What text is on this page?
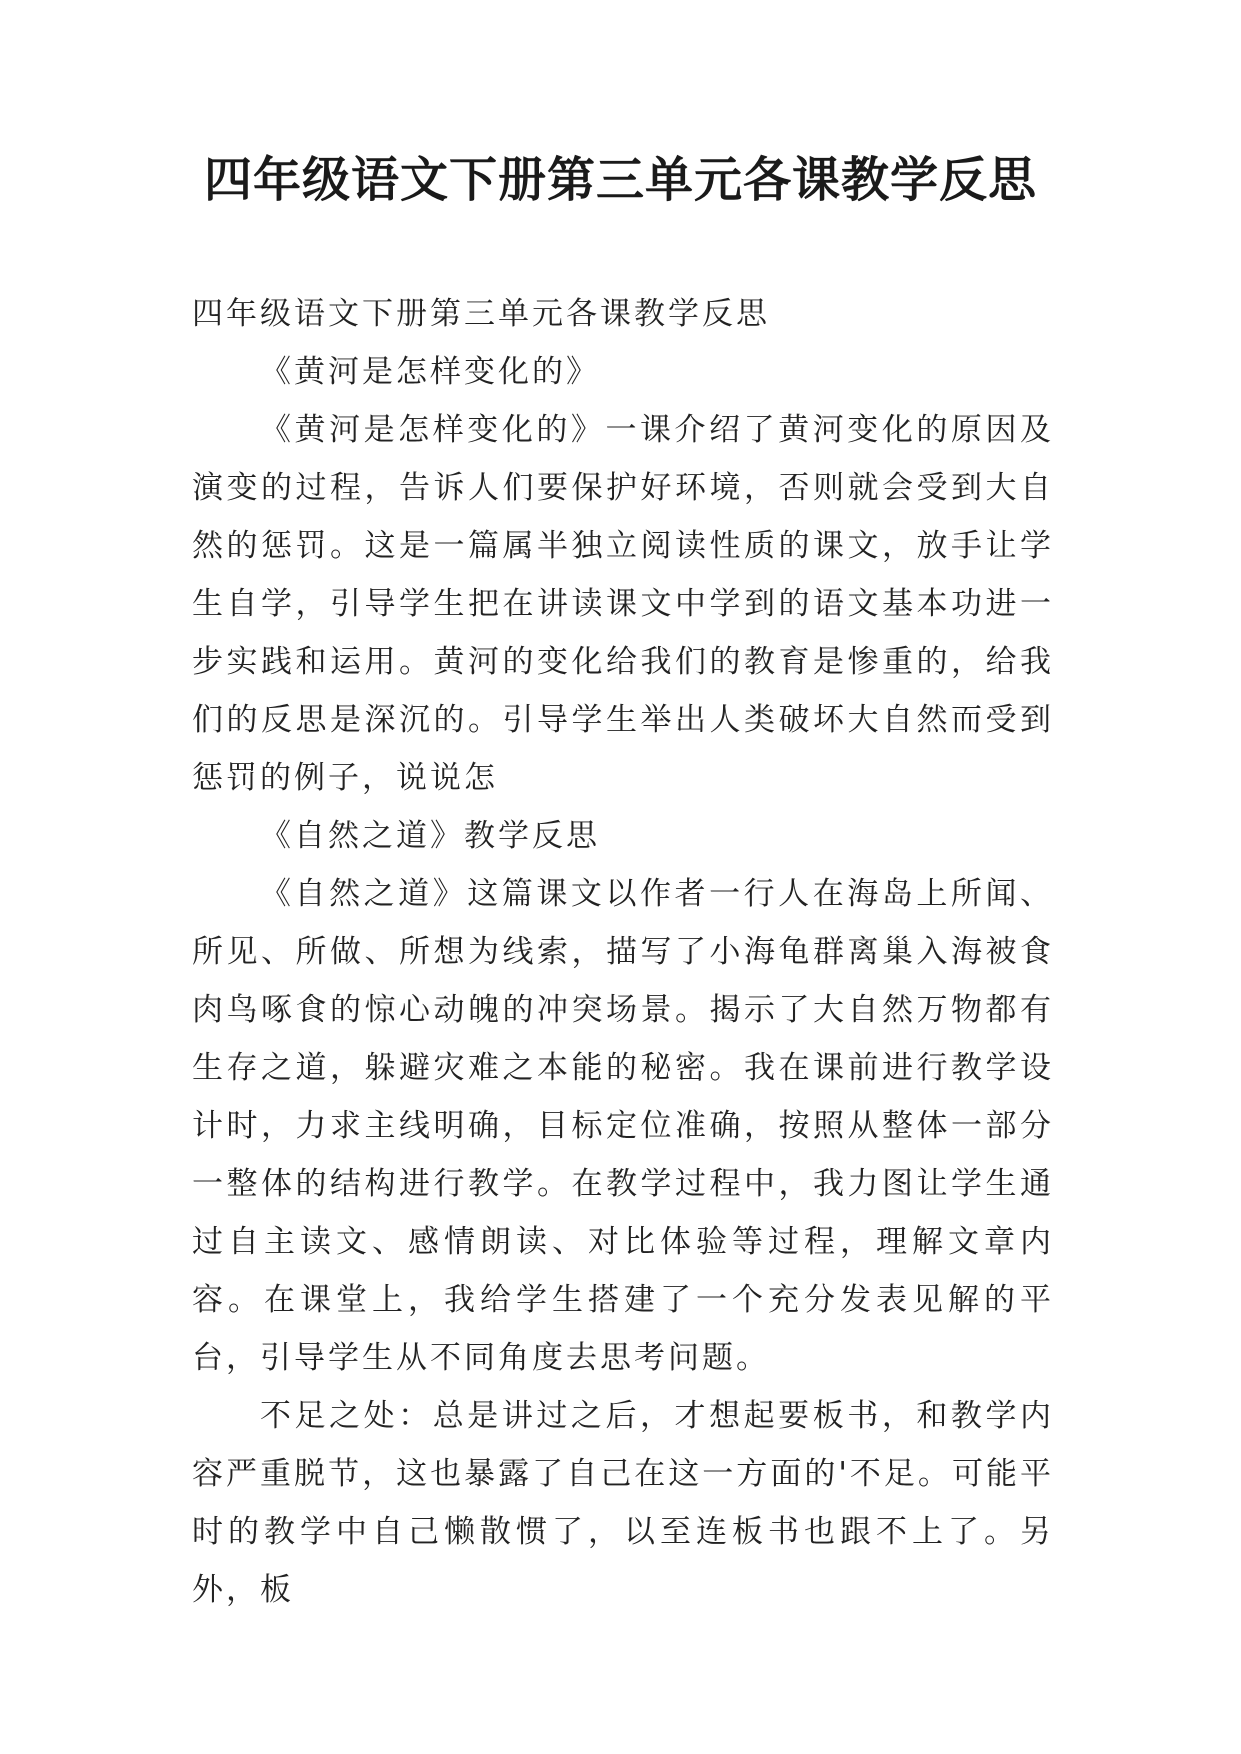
四年级语文下册第三单元各课教学反思

四年级语文下册第三单元各课教学反思

《黄河是怎样变化的》

《黄河是怎样变化的》一课介绍了黄河变化的原因及演变的过程，告诉人们要保护好环境，否则就会受到大自然的惩罚。这是一篇属半独立阅读性质的课文，放手让学生自学，引导学生把在讲读课文中学到的语文基本功进一步实践和运用。黄河的变化给我们的教育是惨重的，给我们的反思是深沉的。引导学生举出人类破坏大自然而受到惩罚的例子，说说怎

《自然之道》教学反思

《自然之道》这篇课文以作者一行人在海岛上所闻、所见、所做、所想为线索，描写了小海龟群离巢入海被食肉鸟啄食的惊心动魄的冲突场景。揭示了大自然万物都有生存之道，躲避灾难之本能的秘密。我在课前进行教学设计时，力求主线明确，目标定位准确，按照从整体一部分一整体的结构进行教学。在教学过程中，我力图让学生通过自主读文、感情朗读、对比体验等过程，理解文章内容。在课堂上，我给学生搭建了一个充分发表见解的平台，引导学生从不同角度去思考问题。

不足之处：总是讲过之后，才想起要板书，和教学内容严重脱节，这也暴露了自己在这一方面的'不足。可能平时的教学中自己懒散惯了，以至连板书也跟不上了。另外，板
